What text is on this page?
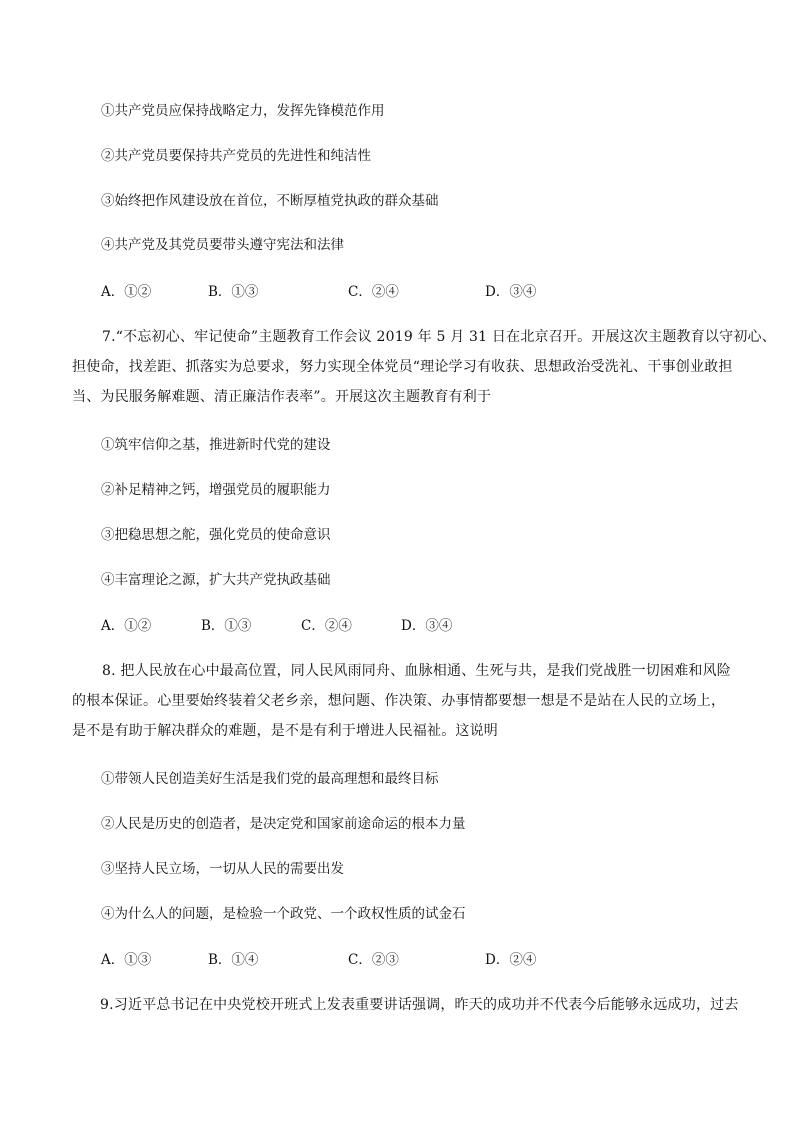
①共产党员应保持战略定力，发挥先锋模范作用
②共产党员要保持共产党员的先进性和纯洁性
③始终把作风建设放在首位，不断厚植党执政的群众基础
④共产党及其党员要带头遵守宪法和法律
A．①②	B．①③	C．②④	D．③④
7.“不忘初心、牢记使命”主题教育工作会议 2019 年 5 月 31 日在北京召开。开展这次主题教育以守初心、
担使命，找差距、抓落实为总要求，努力实现全体党员“理论学习有收获、思想政治受洗礼、干事创业敢担
当、为民服务解难题、清正廉洁作表率”。开展这次主题教育有利于
①筑牢信仰之基，推进新时代党的建设
②补足精神之钙，增强党员的履职能力
③把稳思想之舵，强化党员的使命意识
④丰富理论之源，扩大共产党执政基础
A．①②	B．①③	C．②④	D．③④
8. 把人民放在心中最高位置，同人民风雨同舟、血脉相通、生死与共，是我们党战胜一切困难和风险
的根本保证。心里要始终装着父老乡亲，想问题、作决策、办事情都要想一想是不是站在人民的立场上，
是不是有助于解决群众的难题，是不是有利于增进人民福祉。这说明
①带领人民创造美好生活是我们党的最高理想和最终目标
②人民是历史的创造者，是决定党和国家前途命运的根本力量
③坚持人民立场，一切从人民的需要出发
④为什么人的问题，是检验一个政党、一个政权性质的试金石
A．①③	B．①④	C．②③	D．②④
9.习近平总书记在中央党校开班式上发表重要讲话强调，昨天的成功并不代表今后能够永远成功，过去
